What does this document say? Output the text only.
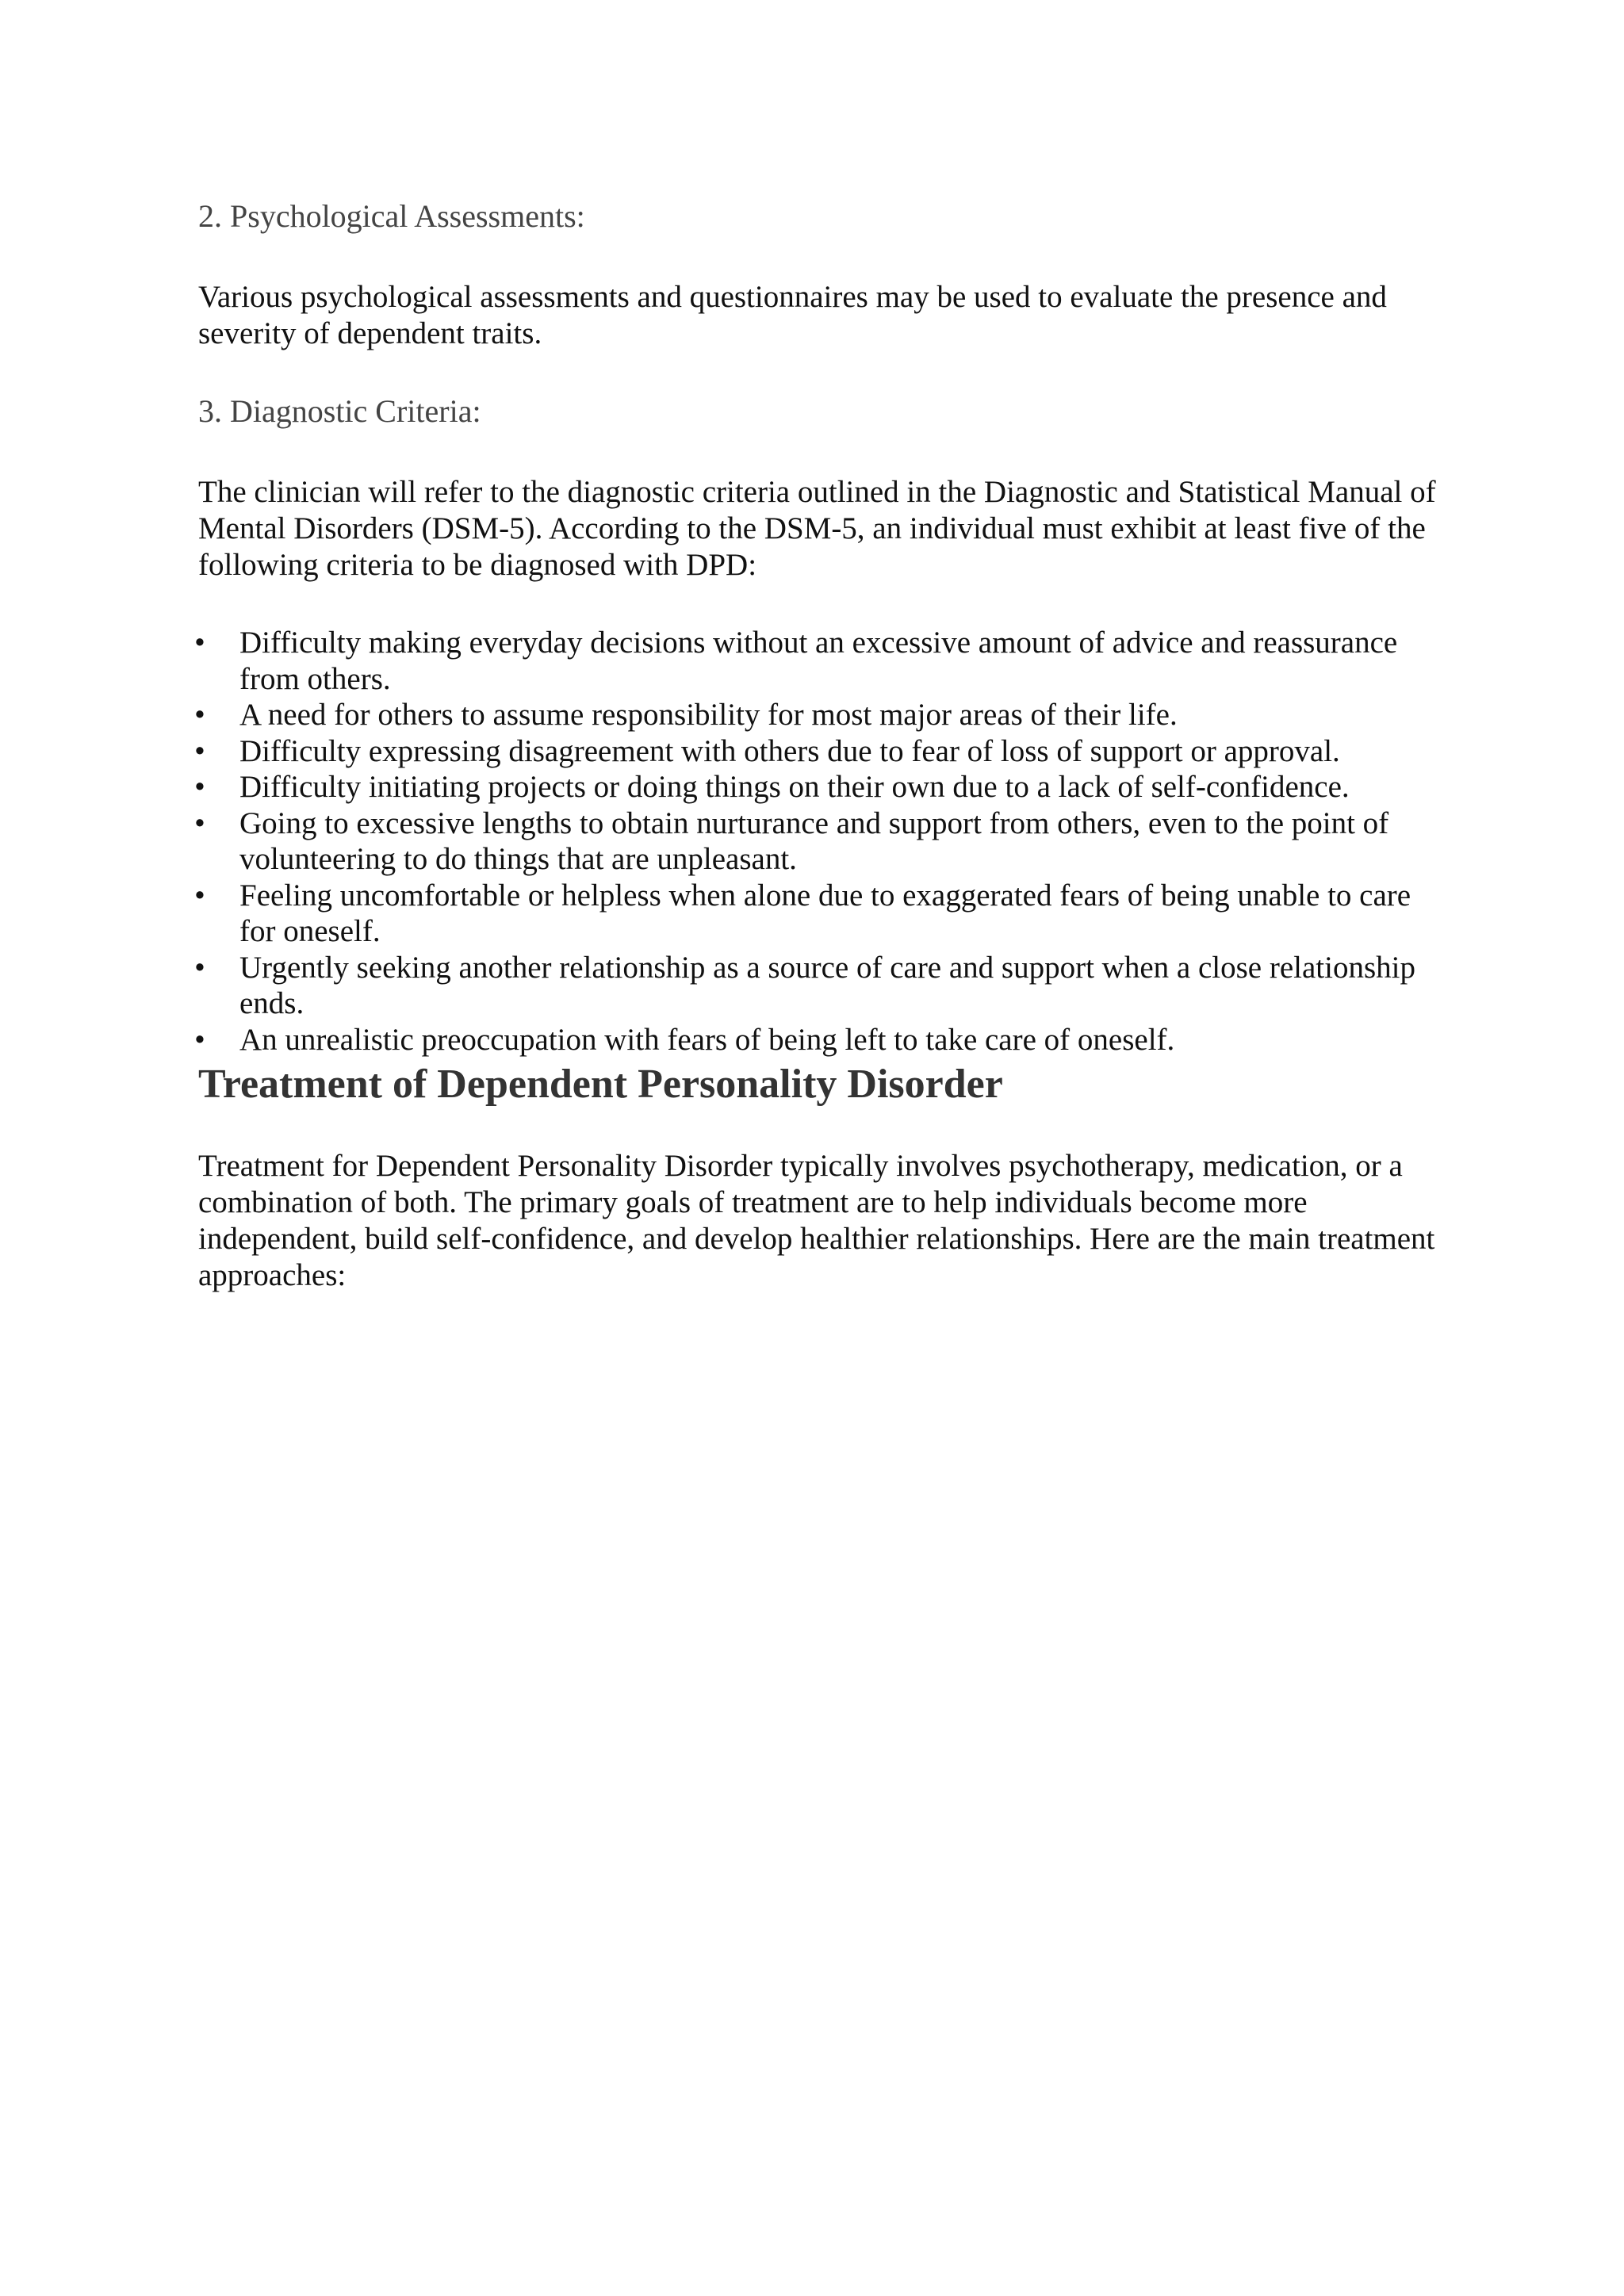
2. Psychological Assessments:

Various psychological assessments and questionnaires may be used to evaluate the presence and severity of dependent traits.

3. Diagnostic Criteria:

The clinician will refer to the diagnostic criteria outlined in the Diagnostic and Statistical Manual of Mental Disorders (DSM-5). According to the DSM-5, an individual must exhibit at least five of the following criteria to be diagnosed with DPD:

• Difficulty making everyday decisions without an excessive amount of advice and reassurance from others.
• A need for others to assume responsibility for most major areas of their life.
• Difficulty expressing disagreement with others due to fear of loss of support or approval.
• Difficulty initiating projects or doing things on their own due to a lack of self-confidence.
• Going to excessive lengths to obtain nurturance and support from others, even to the point of volunteering to do things that are unpleasant.
• Feeling uncomfortable or helpless when alone due to exaggerated fears of being unable to care for oneself.
• Urgently seeking another relationship as a source of care and support when a close relationship ends.
• An unrealistic preoccupation with fears of being left to take care of oneself.
Treatment of Dependent Personality Disorder

Treatment for Dependent Personality Disorder typically involves psychotherapy, medication, or a combination of both. The primary goals of treatment are to help individuals become more independent, build self-confidence, and develop healthier relationships. Here are the main treatment approaches:
